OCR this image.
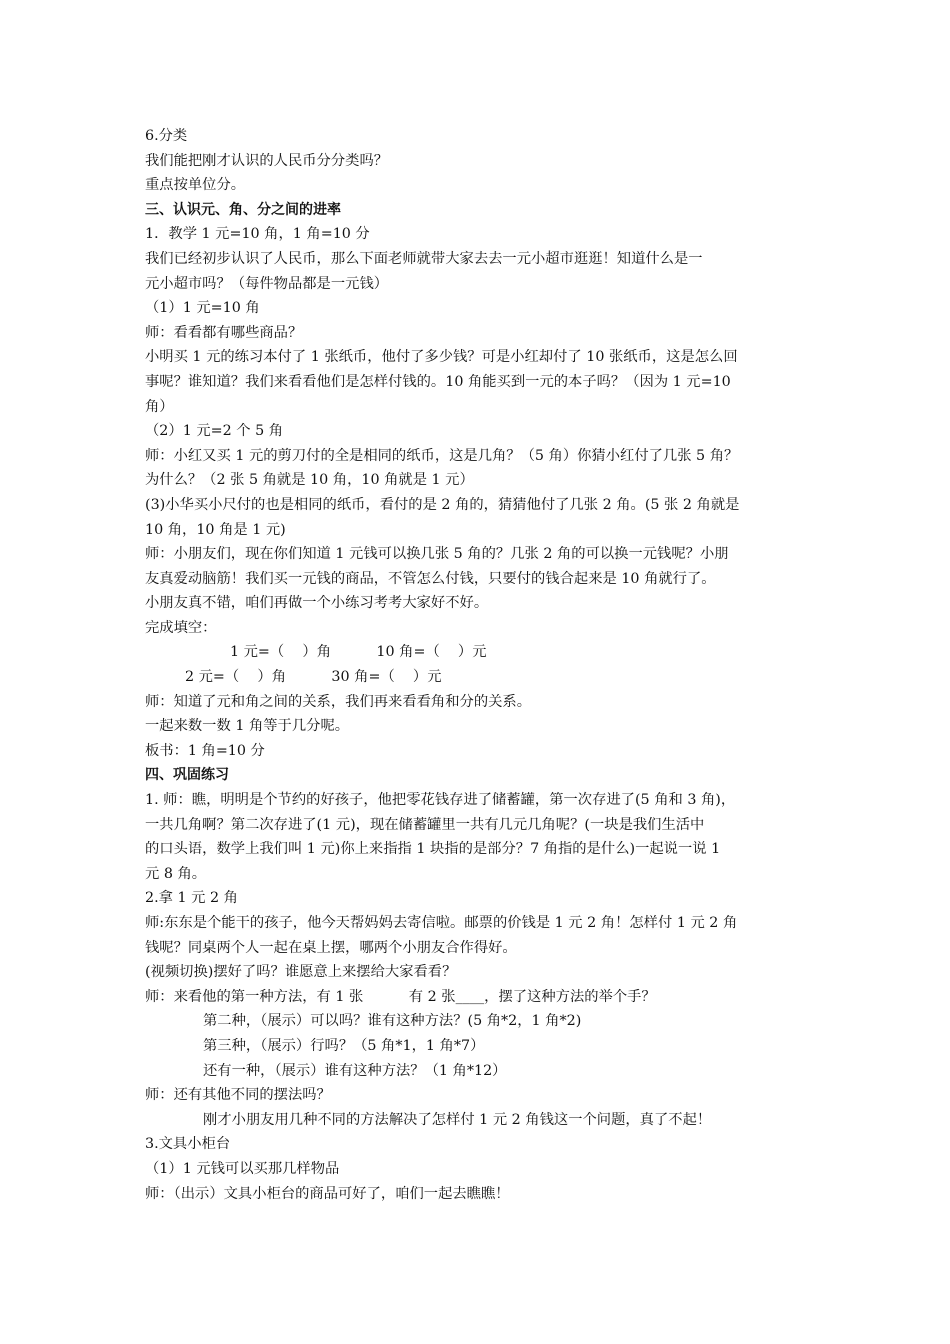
6.分类

我们能把刚才认识的人民币分分类吗？

重点按单位分。

三、认识元、角、分之间的进率

1．教学 1 元=10 角，1 角=10 分

我们已经初步认识了人民币，那么下面老师就带大家去去一元小超市逛逛！知道什么是一

元小超市吗？（每件物品都是一元钱）

（1）1 元=10 角

师：看看都有哪些商品？

小明买 1 元的练习本付了 1 张纸币，他付了多少钱？可是小红却付了 10 张纸币，这是怎么回

事呢？谁知道？我们来看看他们是怎样付钱的。10 角能买到一元的本子吗？（因为 1 元=10

角）

（2）1 元=2 个 5 角

师：小红又买 1 元的剪刀付的全是相同的纸币，这是几角？（5 角）你猜小红付了几张 5 角？

为什么？（2 张 5 角就是 10 角，10 角就是 1 元）

(3)小华买小尺付的也是相同的纸币，看付的是 2 角的，猜猜他付了几张 2 角。(5 张 2 角就是

10 角，10 角是 1 元)

师：小朋友们，现在你们知道 1 元钱可以换几张 5 角的？几张 2 角的可以换一元钱呢？小朋

友真爱动脑筋！我们买一元钱的商品，不管怎么付钱，只要付的钱合起来是 10 角就行了。

小朋友真不错，咱们再做一个小练习考考大家好不好。

完成填空：

1 元=（    ）角          10 角=（    ）元

2 元=（    ）角          30 角=（    ）元

师：知道了元和角之间的关系，我们再来看看角和分的关系。

一起来数一数 1 角等于几分呢。

板书：1 角=10 分

四、巩固练习

1. 师：瞧，明明是个节约的好孩子，他把零花钱存进了储蓄罐，第一次存进了(5 角和 3 角)，

一共几角啊？第二次存进了(1 元)，现在储蓄罐里一共有几元几角呢？(一块是我们生活中

的口头语，数学上我们叫 1 元)你上来指指 1 块指的是部分？7 角指的是什么)一起说一说 1

元 8 角。

2.拿 1 元 2 角

师:东东是个能干的孩子，他今天帮妈妈去寄信啦。邮票的价钱是 1 元 2 角！怎样付 1 元 2 角

钱呢？同桌两个人一起在桌上摆，哪两个小朋友合作得好。

(视频切换)摆好了吗？谁愿意上来摆给大家看看？

师：来看他的第一种方法，有 1 张          有 2 张____，摆了这种方法的举个手？

第二种，（展示）可以吗？谁有这种方法？(5 角*2，1 角*2)

第三种，（展示）行吗？（5 角*1，1 角*7）

还有一种，（展示）谁有这种方法？（1 角*12）

师：还有其他不同的摆法吗？

刚才小朋友用几种不同的方法解决了怎样付 1 元 2 角钱这一个问题，真了不起！

3.文具小柜台

（1）1 元钱可以买那几样物品

师：（出示）文具小柜台的商品可好了，咱们一起去瞧瞧！
